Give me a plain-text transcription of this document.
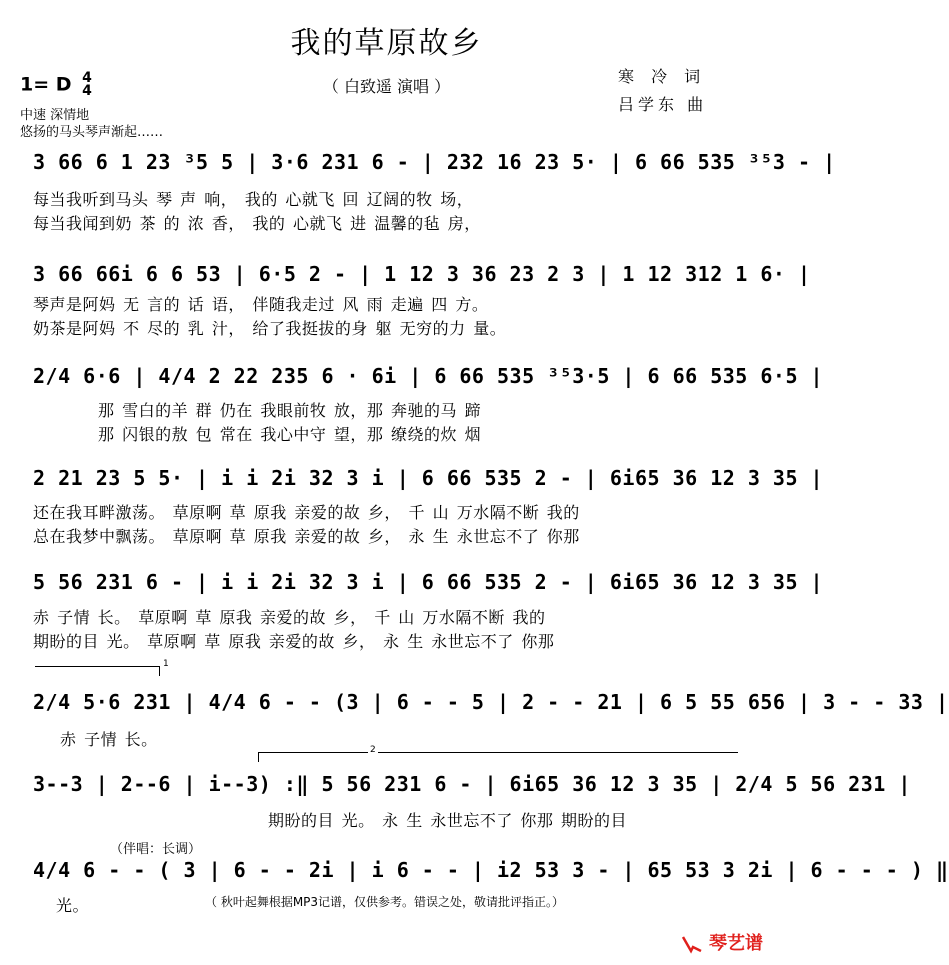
我的草原故乡
（ 白致遥 演唱 ）
1= D 4
4
中速 深情地
悠扬的马头琴声渐起……
寒 冷 词
吕学东 曲
3 66 6 1 23 ³5 5 | 3·6 231 6 - | 232 16 23 5· | 6 66 535 ³⁵3 - |
每当我听到马头 琴 声 响， 我的 心就飞 回 辽阔的牧 场，
每当我闻到奶 茶 的 浓 香， 我的 心就飞 进 温馨的毡 房，
3 66 66i 6 6 53 | 6·5 2 - | 1 12 3 36 23 2 3 | 1 12 312 1 6· |
琴声是阿妈 无 言的 话 语， 伴随我走过 风 雨 走遍 四 方。
奶茶是阿妈 不 尽的 乳 汁， 给了我挺拔的身 躯 无穷的力 量。
2/4 6·6 | 4/4 2 22 235 6 · 6i | 6 66 535 ³⁵3·5 | 6 66 535 6·5 |
那 雪白的羊 群 仍在 我眼前牧 放，那 奔驰的马 蹄
那 闪银的敖 包 常在 我心中守 望，那 缭绕的炊 烟
2 21 23 5 5· | i i 2i 32 3 i | 6 66 535 2 - | 6i65 36 12 3 35 |
还在我耳畔激荡。 草原啊 草 原我 亲爱的故 乡， 千 山 万水隔不断 我的
总在我梦中飘荡。 草原啊 草 原我 亲爱的故 乡， 永 生 永世忘不了 你那
5 56 231 6 - | i i 2i 32 3 i | 6 66 535 2 - | 6i65 36 12 3 35 |
赤 子情 长。 草原啊 草 原我 亲爱的故 乡， 千 山 万水隔不断 我的
期盼的目 光。 草原啊 草 原我 亲爱的故 乡， 永 生 永世忘不了 你那
1
2/4 5·6 231 | 4/4 6 - - (3 | 6 - - 5 | 2 - - 21 | 6 5 55 656 | 3 - - 33 |
赤 子情 长。
2
3--3 | 2--6 | i--3) :‖ 5 56 231 6 - | 6i65 36 12 3 35 | 2/4 5 56 231 |
期盼的目 光。 永 生 永世忘不了 你那 期盼的目
（伴唱：长调）
4/4 6 - - ( 3 | 6 - - 2i | i 6 - - | i2 53 3 - | 65 53 3 2i | 6 - - - ) ‖
光。	（ 秋叶起舞根据MP3记谱，仅供参考。错误之处，敬请批评指正。）
琴艺谱
